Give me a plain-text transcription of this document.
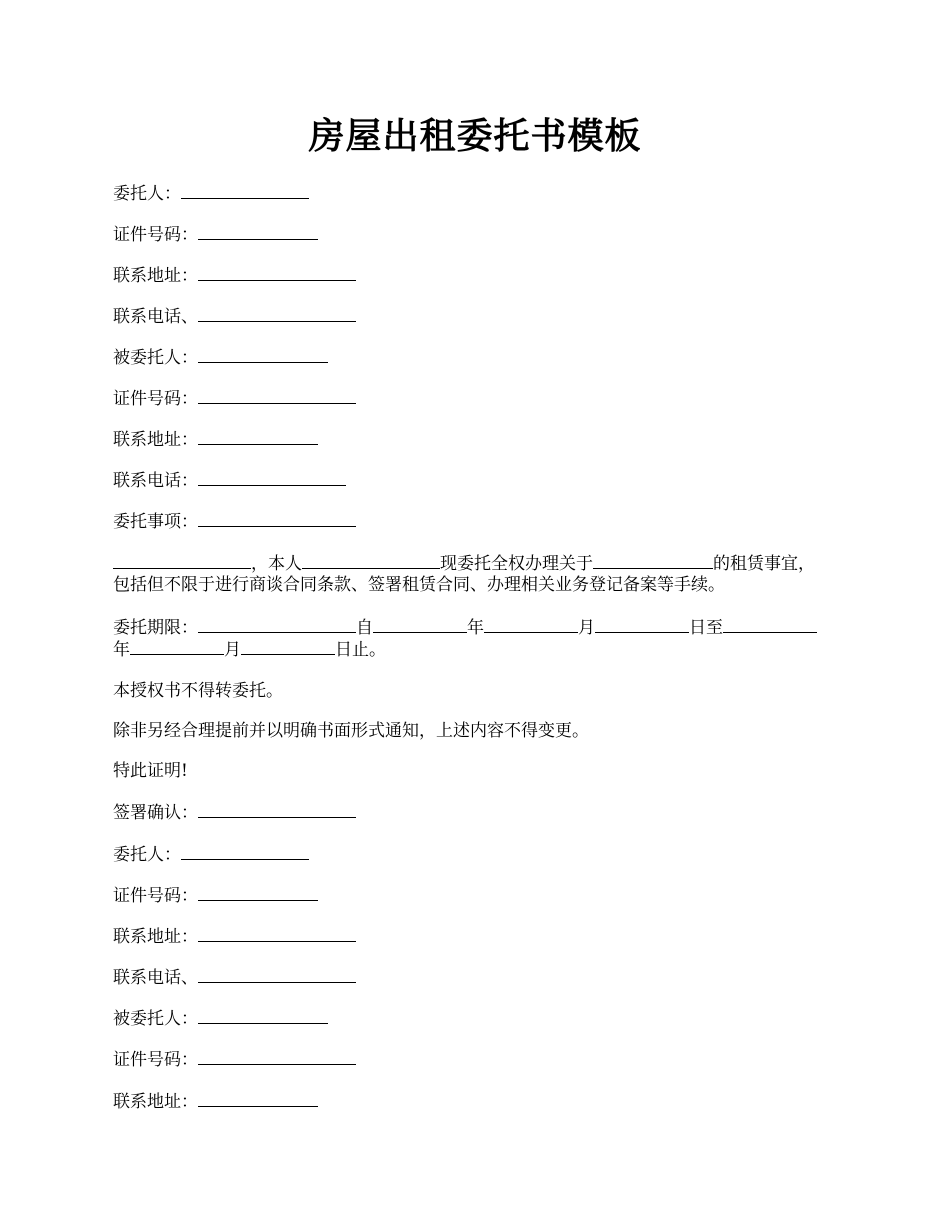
房屋出租委托书模板
委托人：
证件号码：
联系地址：
联系电话、
被委托人：
证件号码：
联系地址：
联系电话：
委托事项：
，本人	现委托全权办理关于	的租赁事宜，
包括但不限于进行商谈合同条款、签署租赁合同、办理相关业务登记备案等手续。
委托期限：	自	年	月	日至
年	月	日止。
本授权书不得转委托。
除非另经合理提前并以明确书面形式通知，上述内容不得变更。
特此证明!
签署确认：
委托人：
证件号码：
联系地址：
联系电话、
被委托人：
证件号码：
联系地址：
